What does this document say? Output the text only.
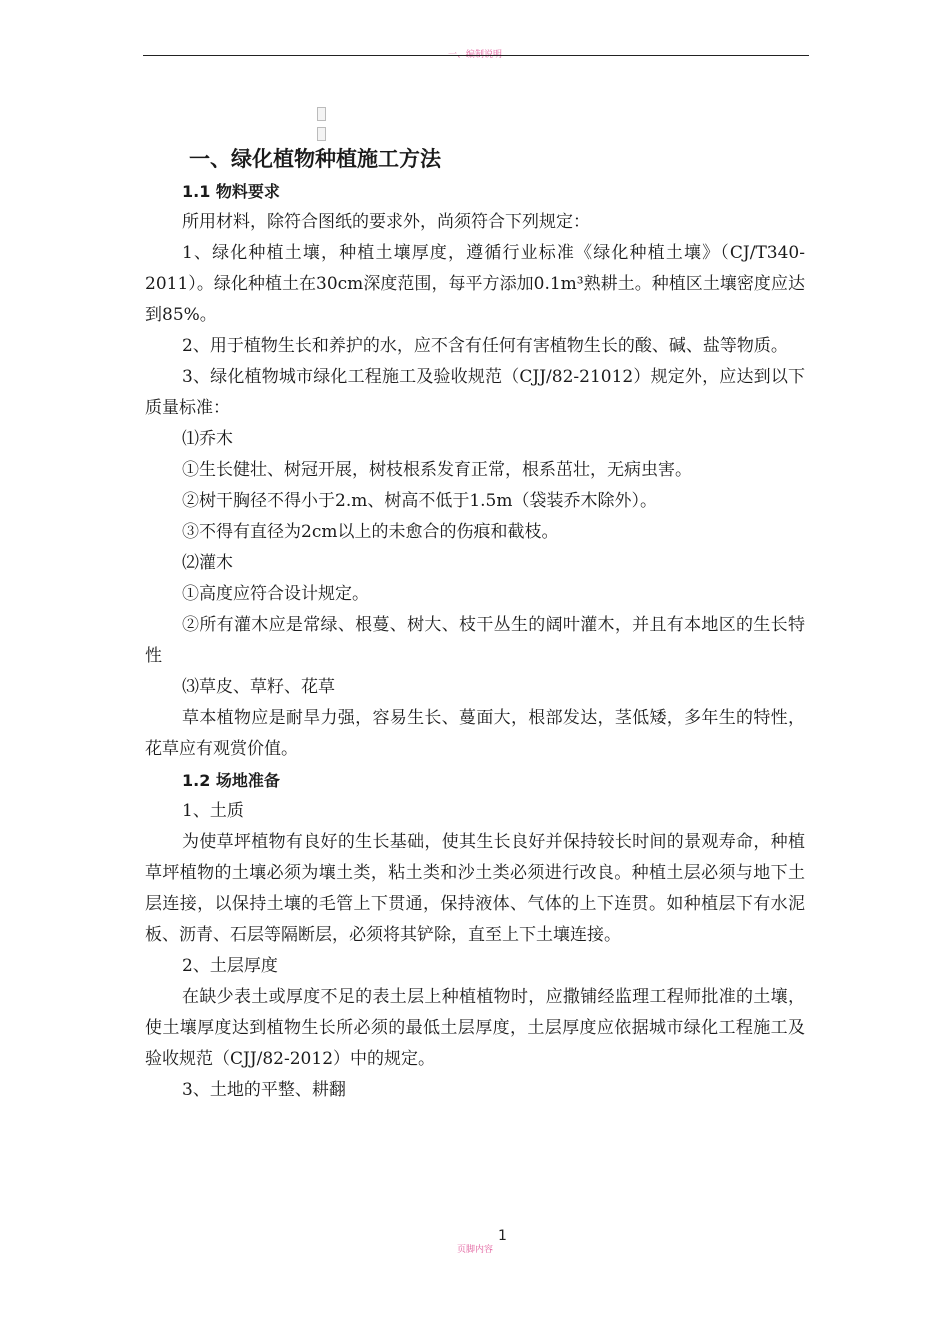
一、编制说明
一、绿化植物种植施工方法
1.1 物料要求

所用材料，除符合图纸的要求外，尚须符合下列规定：

1、绿化种植土壤，种植土壤厚度，遵循行业标准《绿化种植土壤》（CJ/T340-2011）。绿化种植土在30cm深度范围，每平方添加0.1m³熟耕土。种植区土壤密度应达到85%。

2、用于植物生长和养护的水，应不含有任何有害植物生长的酸、碱、盐等物质。

3、绿化植物城市绿化工程施工及验收规范（CJJ/82-21012）规定外，应达到以下质量标准：

⑴乔木

①生长健壮、树冠开展，树枝根系发育正常，根系茁壮，无病虫害。

②树干胸径不得小于2.m、树高不低于1.5m（袋装乔木除外）。

③不得有直径为2cm以上的未愈合的伤痕和截枝。

⑵灌木

①高度应符合设计规定。

②所有灌木应是常绿、根蔓、树大、枝干丛生的阔叶灌木，并且有本地区的生长特性

⑶草皮、草籽、花草

草本植物应是耐旱力强，容易生长、蔓面大，根部发达，茎低矮，多年生的特性，花草应有观赏价值。

1.2 场地准备

1、土质

为使草坪植物有良好的生长基础，使其生长良好并保持较长时间的景观寿命，种植草坪植物的土壤必须为壤土类，粘土类和沙土类必须进行改良。种植土层必须与地下土层连接，以保持土壤的毛管上下贯通，保持液体、气体的上下连贯。如种植层下有水泥板、沥青、石层等隔断层，必须将其铲除，直至上下土壤连接。

2、土层厚度

在缺少表土或厚度不足的表土层上种植植物时，应撒铺经监理工程师批准的土壤，使土壤厚度达到植物生长所必须的最低土层厚度，土层厚度应依据城市绿化工程施工及验收规范（CJJ/82-2012）中的规定。

3、土地的平整、耕翻

1
页脚内容
